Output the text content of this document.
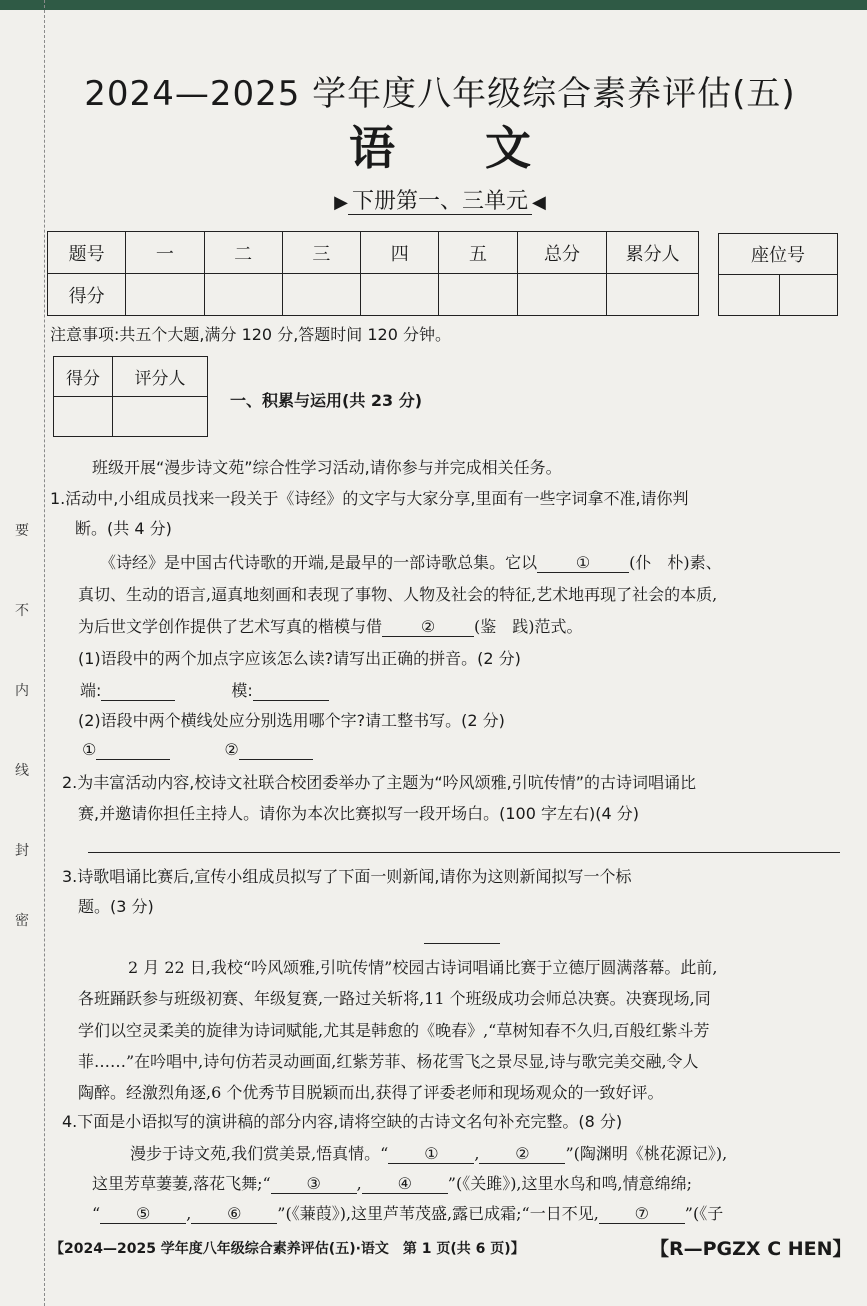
要
不
内
线
封
密
2024—2025 学年度八年级综合素养评估(五)
语文
▶ 下册第一、三单元 ◀
题号	一	二	三	四	五	总分	累分人
得分							
座位号

注意事项:共五个大题,满分 120 分,答题时间 120 分钟。
得分	评分人

一、积累与运用(共 23 分)
班级开展“漫步诗文苑”综合性学习活动,请你参与并完成相关任务。
1.活动中,小组成员找来一段关于《诗经》的文字与大家分享,里面有一些字词拿不准,请你判
断。(共 4 分)
《诗经》是中国古代诗歌的开端,是最早的一部诗歌总集。它以 ① (仆　朴)素、
真切、生动的语言,逼真地刻画和表现了事物、人物及社会的特征,艺术地再现了社会的本质,
为后世文学创作提供了艺术写真的楷模与借 ② (鉴　践)范式。
(1)语段中的两个加点字应该怎么读?请写出正确的拼音。(2 分)
端:	模:
(2)语段中两个横线处应分别选用哪个字?请工整书写。(2 分)
①	②
2.为丰富活动内容,校诗文社联合校团委举办了主题为“吟风颂雅,引吭传情”的古诗词唱诵比
赛,并邀请你担任主持人。请你为本次比赛拟写一段开场白。(100 字左右)(4 分)
3.诗歌唱诵比赛后,宣传小组成员拟写了下面一则新闻,请你为这则新闻拟写一个标
题。(3 分)
2 月 22 日,我校“吟风颂雅,引吭传情”校园古诗词唱诵比赛于立德厅圆满落幕。此前,
各班踊跃参与班级初赛、年级复赛,一路过关斩将,11 个班级成功会师总决赛。决赛现场,同
学们以空灵柔美的旋律为诗词赋能,尤其是韩愈的《晚春》,“草树知春不久归,百般红紫斗芳
菲……”在吟唱中,诗句仿若灵动画面,红紫芳菲、杨花雪飞之景尽显,诗与歌完美交融,令人
陶醉。经激烈角逐,6 个优秀节目脱颖而出,获得了评委老师和现场观众的一致好评。
4.下面是小语拟写的演讲稿的部分内容,请将空缺的古诗文名句补充完整。(8 分)
漫步于诗文苑,我们赏美景,悟真情。“ ① , ② ”(陶渊明《桃花源记》),
这里芳草萋萋,落花飞舞;“ ③ , ④ ”(《关雎》),这里水鸟和鸣,情意绵绵;
“ ⑤ , ⑥ ”(《蒹葭》),这里芦苇茂盛,露已成霜;“一日不见, ⑦ ”(《子
【2024—2025 学年度八年级综合素养评估(五)·语文　第 1 页(共 6 页)】	【R—PGZX C HEN】
